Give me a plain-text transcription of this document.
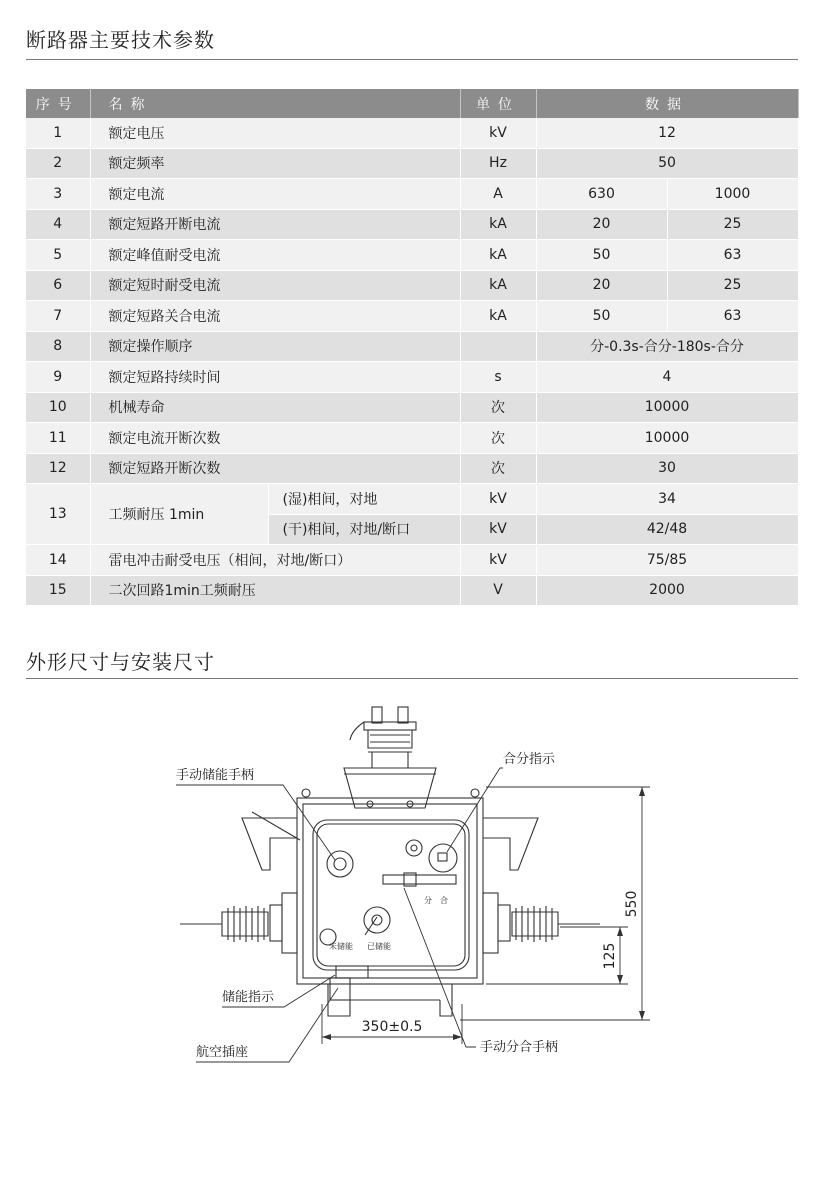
断路器主要技术参数
序号	名称		单位	数据	
1	额定电压		kV	12	
2	额定频率		Hz	50	
3	额定电流		A	630	1000
4	额定短路开断电流		kA	20	25
5	额定峰值耐受电流		kA	50	63
6	额定短时耐受电流		kA	20	25
7	额定短路关合电流		kA	50	63
8	额定操作顺序			分-0.3s-合分-180s-合分	
9	额定短路持续时间		s	4	
10	机械寿命		次	10000	
11	额定电流开断次数		次	10000	
12	额定短路开断次数		次	30	
13	工频耐压 1min	(湿)相间，对地	kV	34	
		(干)相间，对地/断口	kV	42/48	
14	雷电冲击耐受电压（相间，对地/断口）		kV	75/85	
15	二次回路1min工频耐压		V	2000	
外形尺寸与安装尺寸
手动储能手柄
合分指示
储能指示
航空插座	手动分合手柄
未储能 已储能
分 合	550
125
350±0.5
